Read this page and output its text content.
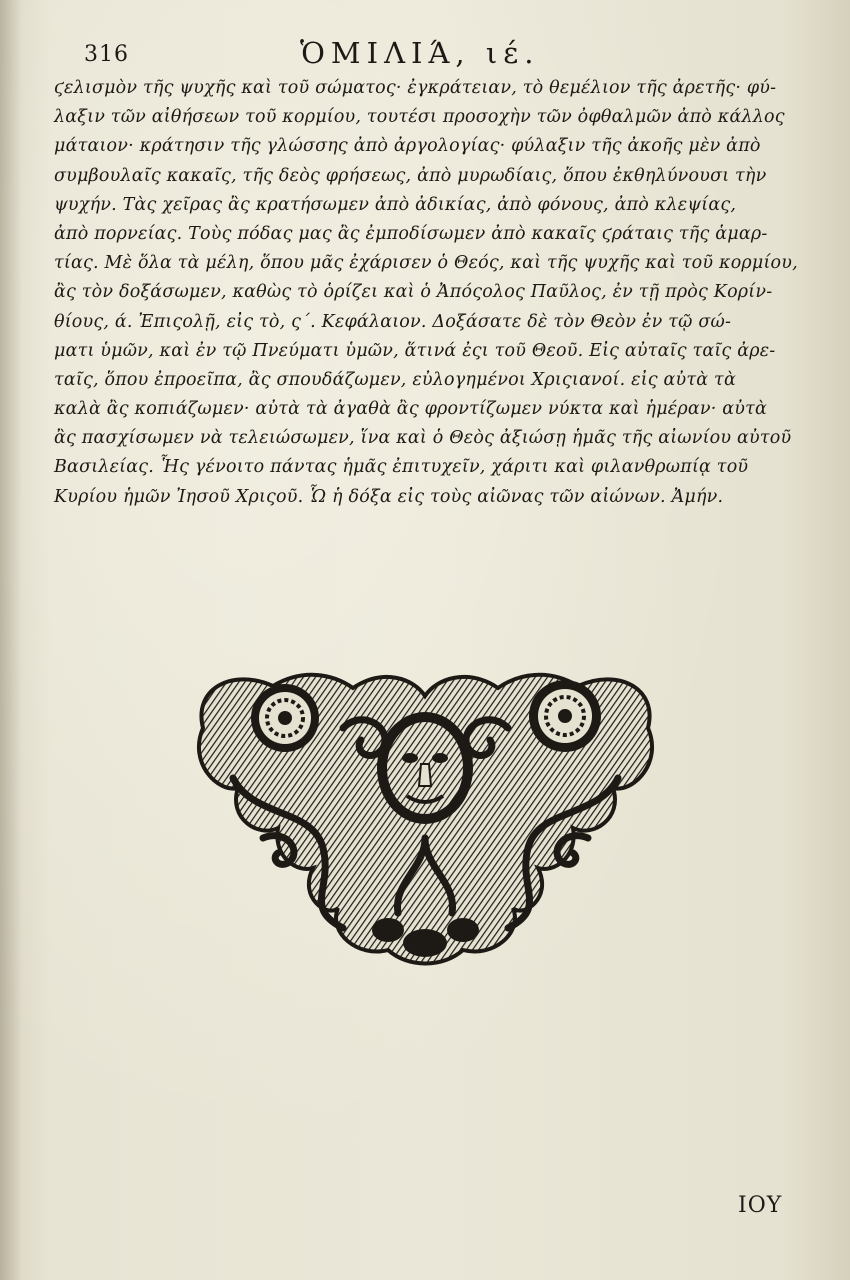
316	ὉΜΙΛΙΆ, ιέ.
ϛελισμὸν τῆς ψυχῆς καὶ τοῦ σώματος· ἐγκράτειαν, τὸ θεμέλιον τῆς ἀρετῆς· φύ-
λαξιν τῶν αἰθήσεων τοῦ κορμίου, τουτέσι προσοχὴν τῶν ὀφθαλμῶν ἀπὸ κάλλος
μάταιον· κράτησιν τῆς γλώσσης ἀπὸ ἀργολογίας· φύλαξιν τῆς ἀκοῆς μὲν ἀπὸ
συμβουλαῖς κακαῖς, τῆς δεὸς φρήσεως, ἀπὸ μυρωδίαις, ὅπου ἐκθηλύνουσι τὴν
ψυχήν. Τὰς χεῖρας ἂς κρατήσωμεν ἀπὸ ἀδικίας, ἀπὸ φόνους, ἀπὸ κλεψίας,
ἀπὸ πορνείας. Τοὺς πόδας μας ἂς ἐμποδίσωμεν ἀπὸ κακαῖς ϛράταις τῆς ἁμαρ-
τίας. Μὲ ὅλα τὰ μέλη, ὅπου μᾶς ἐχάρισεν ὁ Θεός, καὶ τῆς ψυχῆς καὶ τοῦ κορμίου,
ἂς τὸν δοξάσωμεν, καθὼς τὸ ὁρίζει καὶ ὁ Ἀπόςολος Παῦλος, ἐν τῇ πρὸς Κορίν-
θίους, ά. Ἐπιςολῇ, εἰς τὸ, ς΄. Κεφάλαιον. Δοξάσατε δὲ τὸν Θεὸν ἐν τῷ σώ-
ματι ὑμῶν, καὶ ἐν τῷ Πνεύματι ὑμῶν, ἅτινά ἐςι τοῦ Θεοῦ. Εἰς αὐταῖς ταῖς ἀρε-
ταῖς, ὅπου ἐπροεῖπα, ἂς σπουδάζωμεν, εὐλογημένοι Χριςιανοί. εἰς αὐτὰ τὰ
καλὰ ἂς κοπιάζωμεν· αὐτὰ τὰ ἀγαθὰ ἂς φροντίζωμεν νύκτα καὶ ἡμέραν· αὐτὰ
ἂς πασχίσωμεν νὰ τελειώσωμεν, ἵνα καὶ ὁ Θεὸς ἀξιώσῃ ἡμᾶς τῆς αἰωνίου αὐτοῦ
Βασιλείας. Ἧς γένοιτο πάντας ἡμᾶς ἐπιτυχεῖν, χάριτι καὶ φιλανθρωπίᾳ τοῦ
Κυρίου ἡμῶν Ἰησοῦ Χριςοῦ. Ὧ ἡ δόξα εἰς τοὺς αἰῶνας τῶν αἰώνων. Ἀμήν.
ΙΟΥ
